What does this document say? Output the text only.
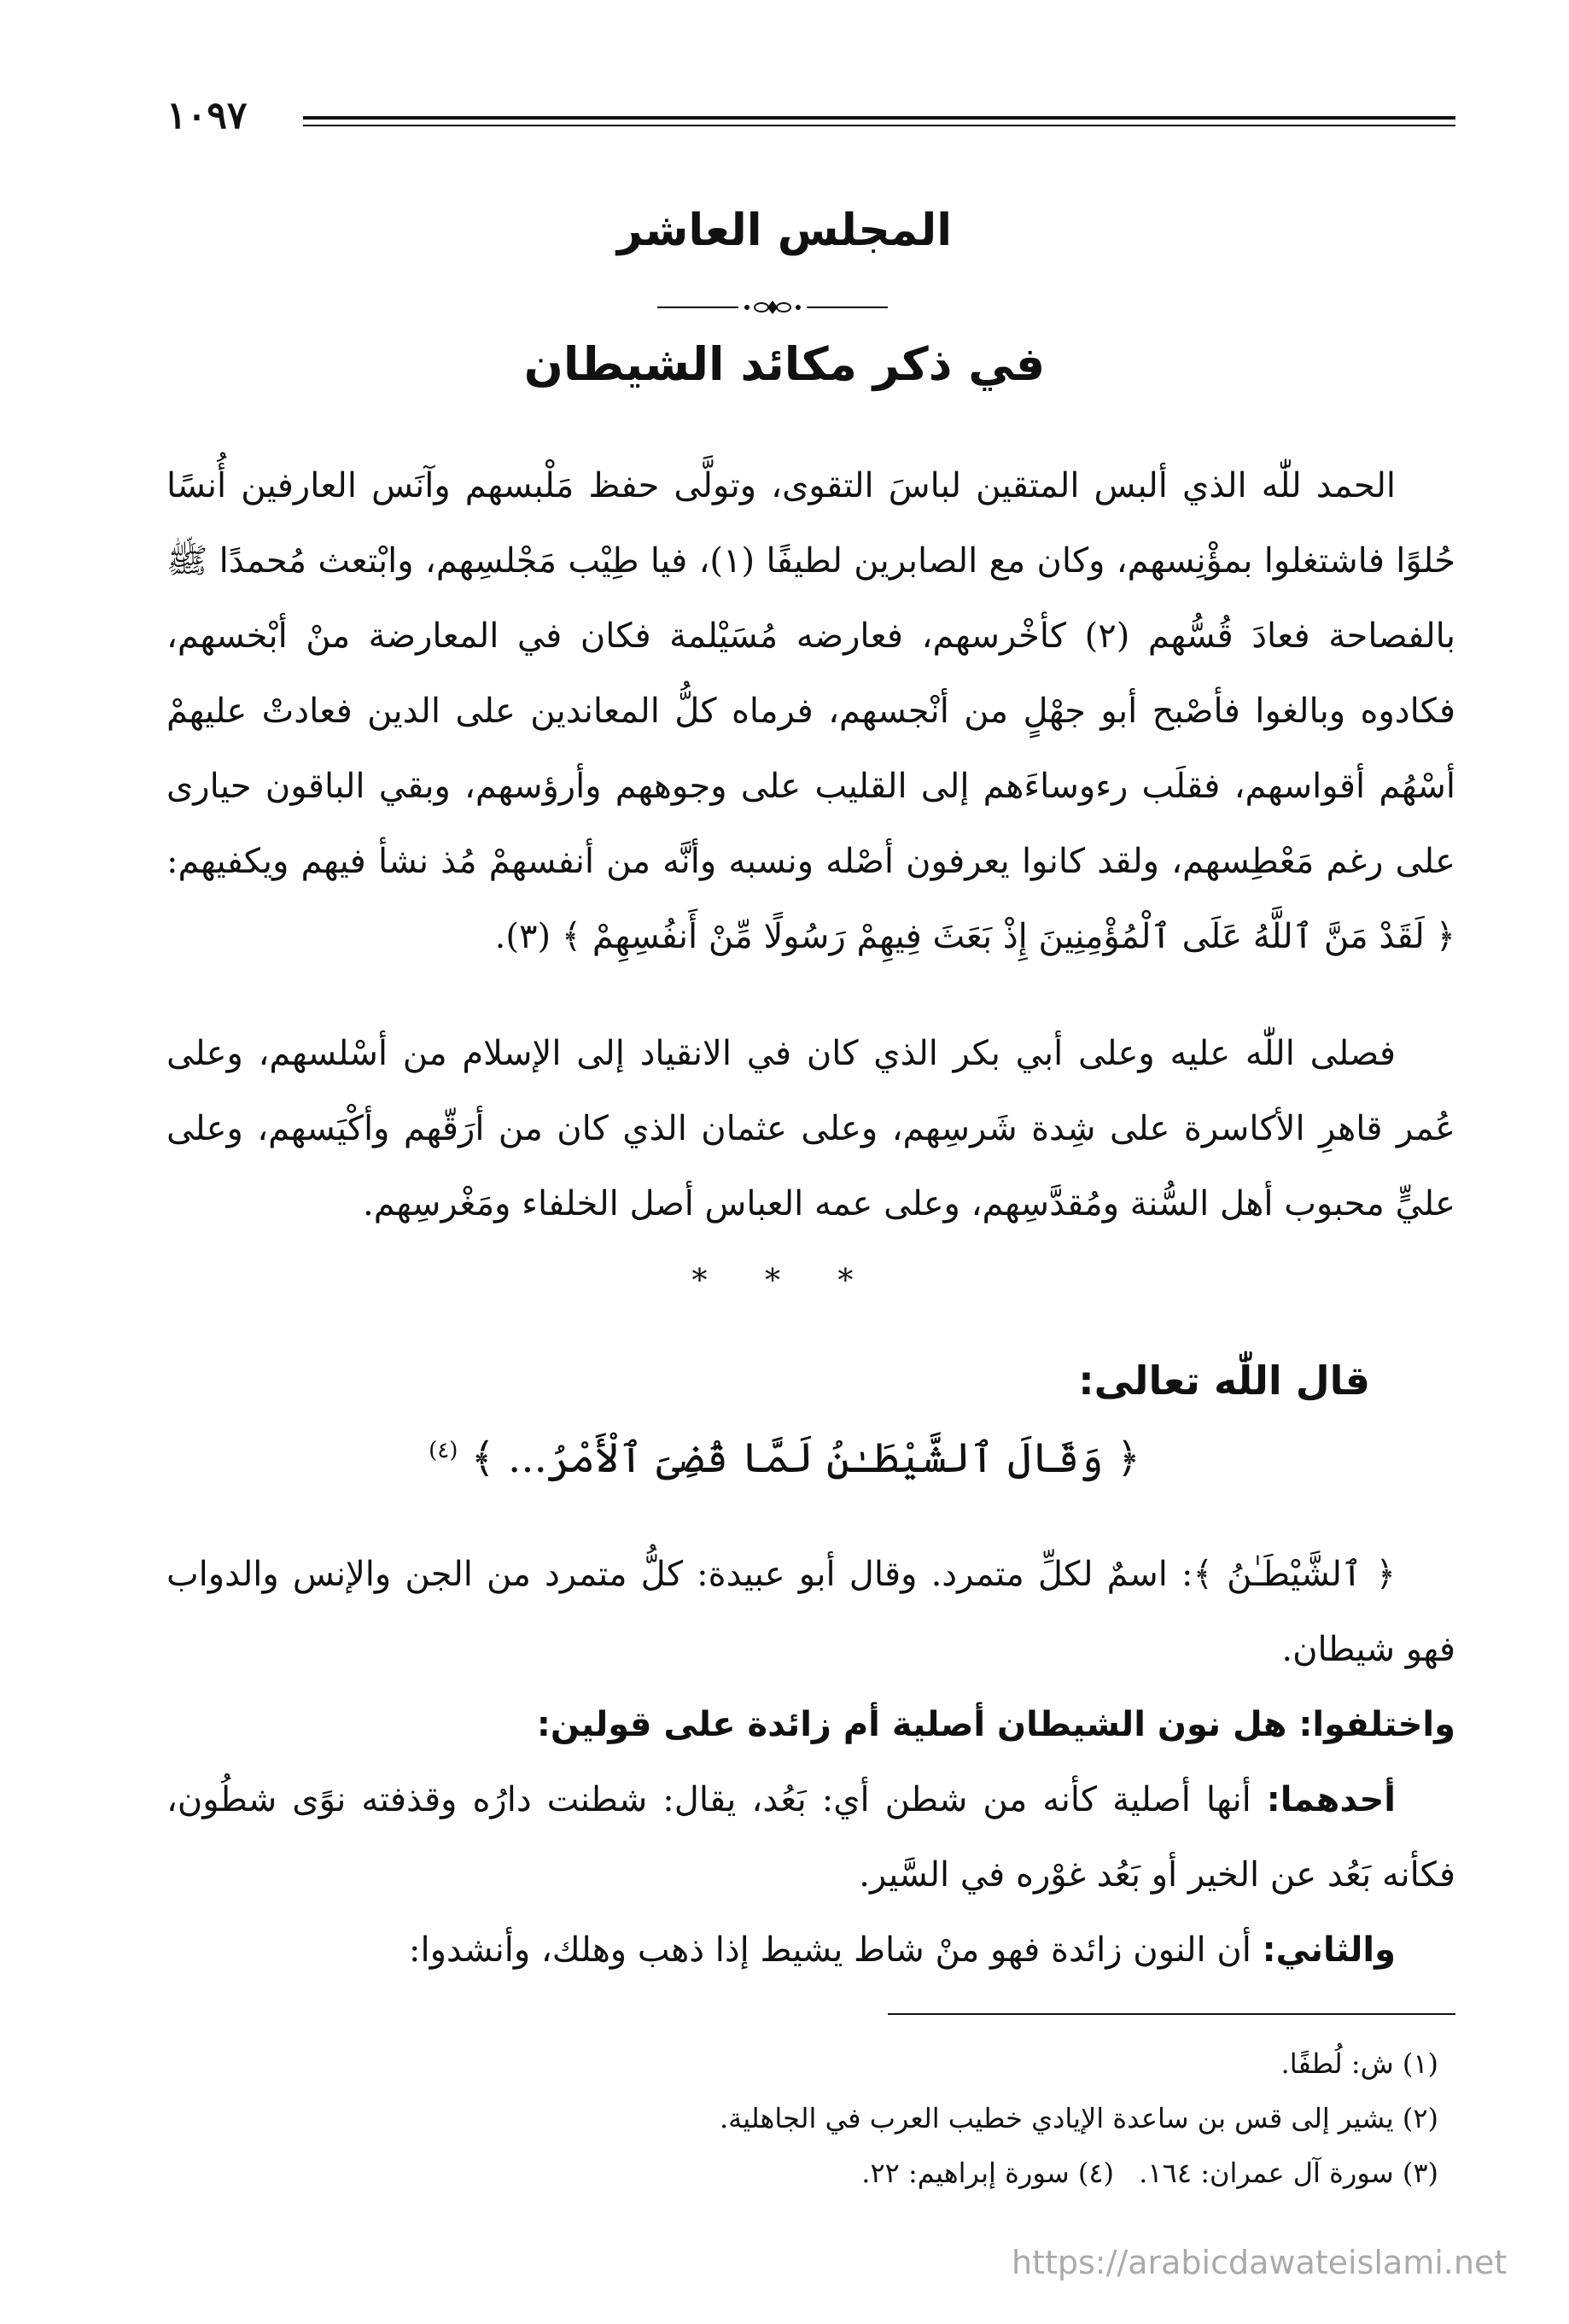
١٠٩٧
المجلس العاشر
في ذكر مكائد الشيطان

الحمد للّٰه الذي ألبس المتقين لباسَ التقوى، وتولَّى حفظ مَلْبسهم وآنَس العارفين أُنسًا حُلوًا فاشتغلوا بمؤْنِسهم، وكان مع الصابرين لطيفًا (١)، فيا طِيْب مَجْلسِهم، وابْتعث مُحمدًا ﷺ بالفصاحة فعادَ قُسُّهم (٢) كأخْرسهم، فعارضه مُسَيْلمة فكان في المعارضة منْ أبْخسهم، فكادوه وبالغوا فأصْبح أبو جهْلٍ من أنْجسهم، فرماه كلُّ المعاندين على الدين فعادتْ عليهمْ أسْهُم أقواسهم، فقلَب رءوساءَهم إلى القليب على وجوههم وأرؤسهم، وبقي الباقون حيارى على رغم مَعْطِسهم، ولقد كانوا يعرفون أصْله ونسبه وأنَّه من أنفسهمْ مُذ نشأ فيهم ويكفيهم: ﴿ لَقَدْ مَنَّ ٱللَّهُ عَلَى ٱلْمُؤْمِنِينَ إِذْ بَعَثَ فِيهِمْ رَسُولًا مِّنْ أَنفُسِهِمْ ﴾ (٣).

فصلى اللّٰه عليه وعلى أبي بكر الذي كان في الانقياد إلى الإسلام من أسْلسهم، وعلى عُمر قاهرِ الأكاسرة على شِدة شَرسِهم، وعلى عثمان الذي كان من أرَقّهم وأكْيَسهم، وعلى عليٍّ محبوب أهل السُّنة ومُقدَّسِهم، وعلى عمه العباس أصل الخلفاء ومَغْرسِهم.

* * *
قال اللّٰه تعالى:
﴿ وَقَالَ ٱلشَّيْطَـٰنُ لَمَّا قُضِىَ ٱلْأَمْرُ... ﴾ $^{(٤)}$

﴿ ٱلشَّيْطَـٰنُ ﴾: اسمٌ لكلِّ متمرد. وقال أبو عبيدة: كلُّ متمرد من الجن والإنس والدواب فهو شيطان.

واختلفوا: هل نون الشيطان أصلية أم زائدة على قولين:

أحدهما: أنها أصلية كأنه من شطن أي: بَعُد، يقال: شطنت دارُه وقذفته نوًى شطُون، فكأنه بَعُد عن الخير أو بَعُد غوْره في السَّير.

والثاني: أن النون زائدة فهو منْ شاط يشيط إذا ذهب وهلك، وأنشدوا:

(١) ش: لُطفًا.
(٢) يشير إلى قس بن ساعدة الإيادي خطيب العرب في الجاهلية.
(٣) سورة آل عمران: ١٦٤.
(٤) سورة إبراهيم: ٢٢.
https://arabicdawateislami.net
